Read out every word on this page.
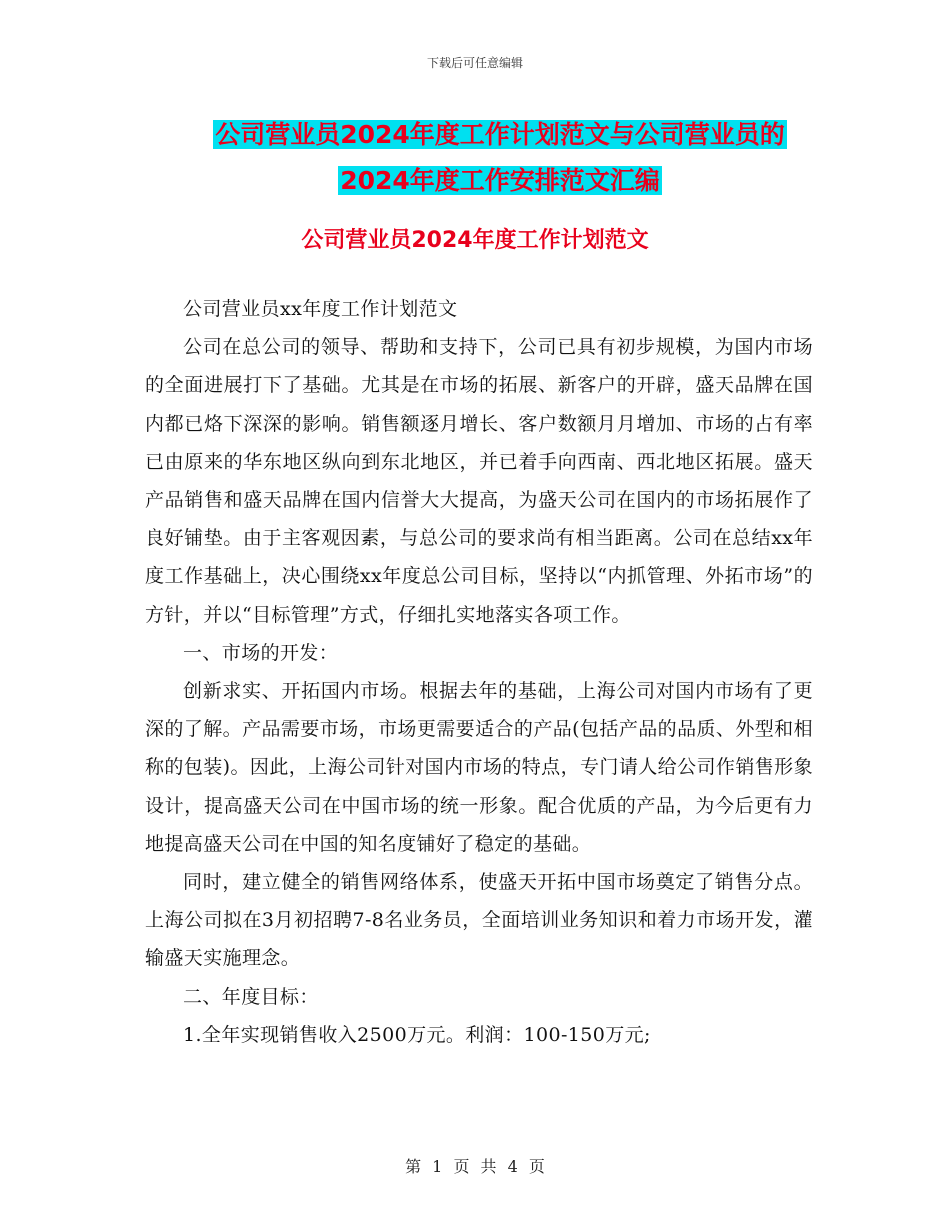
下载后可任意编辑
公司营业员2024年度工作计划范文与公司营业员的
2024年度工作安排范文汇编
公司营业员2024年度工作计划范文

公司营业员xx年度工作计划范文

公司在总公司的领导、帮助和支持下，公司已具有初步规模，为国内市场的全面进展打下了基础。尤其是在市场的拓展、新客户的开辟，盛天品牌在国内都已烙下深深的影响。销售额逐月增长、客户数额月月增加、市场的占有率已由原来的华东地区纵向到东北地区，并已着手向西南、西北地区拓展。盛天产品销售和盛天品牌在国内信誉大大提高，为盛天公司在国内的市场拓展作了良好铺垫。由于主客观因素，与总公司的要求尚有相当距离。公司在总结xx年度工作基础上，决心围绕xx年度总公司目标，坚持以“内抓管理、外拓市场”的方针，并以“目标管理”方式，仔细扎实地落实各项工作。

一、市场的开发：

创新求实、开拓国内市场。根据去年的基础，上海公司对国内市场有了更深的了解。产品需要市场，市场更需要适合的产品(包括产品的品质、外型和相称的包装)。因此，上海公司针对国内市场的特点，专门请人给公司作销售形象设计，提高盛天公司在中国市场的统一形象。配合优质的产品，为今后更有力地提高盛天公司在中国的知名度铺好了稳定的基础。

同时，建立健全的销售网络体系，使盛天开拓中国市场奠定了销售分点。上海公司拟在3月初招聘7-8名业务员，全面培训业务知识和着力市场开发，灌输盛天实施理念。

二、年度目标：

1.全年实现销售收入2500万元。利润：100-150万元;

第 1 页 共 4 页
